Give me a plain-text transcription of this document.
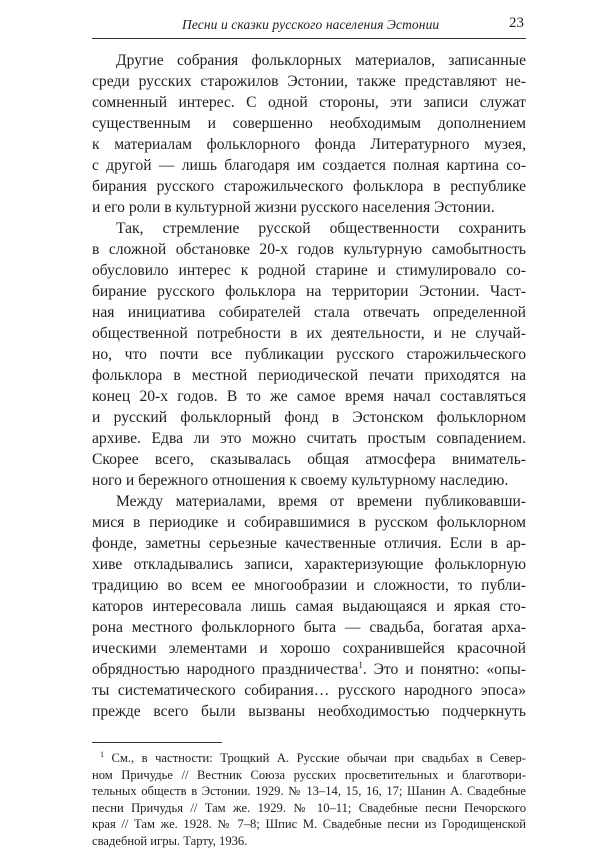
Песни и сказки русского населения Эстонии	23

Другие собрания фольклорных материалов, записанные
среди русских старожилов Эстонии, также представляют не-
сомненный интерес. С одной стороны, эти записи служат
существенным и совершенно необходимым дополнением
к материалам фольклорного фонда Литературного музея,
с другой — лишь благодаря им создается полная картина со-
бирания русского старожильческого фольклора в республике
и его роли в культурной жизни русского населения Эстонии.

Так, стремление русской общественности сохранить
в сложной обстановке 20-х годов культурную самобытность
обусловило интерес к родной старине и стимулировало со-
бирание русского фольклора на территории Эстонии. Част-
ная инициатива собирателей стала отвечать определенной
общественной потребности в их деятельности, и не случай-
но, что почти все публикации русского старожильческого
фольклора в местной периодической печати приходятся на
конец 20-х годов. В то же самое время начал составляться
и русский фольклорный фонд в Эстонском фольклорном
архиве. Едва ли это можно считать простым совпадением.
Скорее всего, сказывалась общая атмосфера вниматель-
ного и бережного отношения к своему культурному наследию.

Между материалами, время от времени публиковавши-
мися в периодике и собиравшимися в русском фольклорном
фонде, заметны серьезные качественные отличия. Если в ар-
хиве откладывались записи, характеризующие фольклорную
традицию во всем ее многообразии и сложности, то публи-
каторов интересовала лишь самая выдающаяся и яркая сто-
рона местного фольклорного быта — свадьба, богатая арха-
ическими элементами и хорошо сохранившейся красочной
обрядностью народного праздничества$^1$. Это и понятно: «опы-
ты систематического собирания… русского народного эпоса»
прежде всего были вызваны необходимостью подчеркнуть

$^1$ См., в частности: Трощкий А. Русские обычаи при свадьбах в Север-
ном Причудье // Вестник Союза русских просветительных и благотвори-
тельных обществ в Эстонии. 1929. № 13–14, 15, 16, 17; Шанин А. Свадебные
песни Причудья // Там же. 1929. № 10–11; Свадебные песни Печорского
края // Там же. 1928. № 7–8; Шпис М. Свадебные песни из Городищенской
свадебной игры. Тарту, 1936.
